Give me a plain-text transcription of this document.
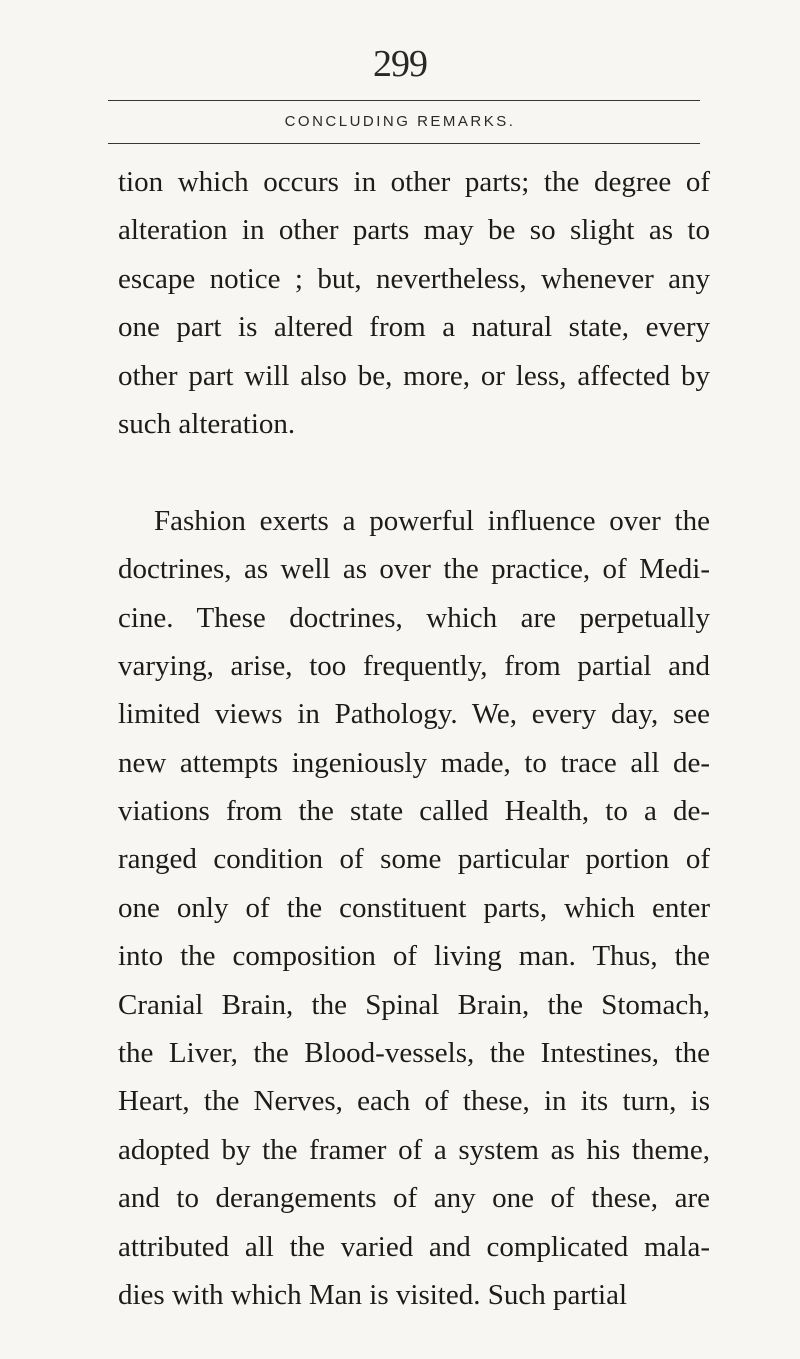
299
CONCLUDING REMARKS.
tion which occurs in other parts; the degree of
alteration in other parts may be so slight as to
escape notice ; but, nevertheless, whenever any
one part is altered from a natural state, every
other part will also be, more, or less, affected by
such alteration.
Fashion exerts a powerful influence over the
doctrines, as well as over the practice, of Medi-
cine. These doctrines, which are perpetually
varying, arise, too frequently, from partial and
limited views in Pathology. We, every day, see
new attempts ingeniously made, to trace all de-
viations from the state called Health, to a de-
ranged condition of some particular portion of
one only of the constituent parts, which enter
into the composition of living man. Thus, the
Cranial Brain, the Spinal Brain, the Stomach,
the Liver, the Blood-vessels, the Intestines, the
Heart, the Nerves, each of these, in its turn, is
adopted by the framer of a system as his theme,
and to derangements of any one of these, are
attributed all the varied and complicated mala-
dies with which Man is visited. Such partial
